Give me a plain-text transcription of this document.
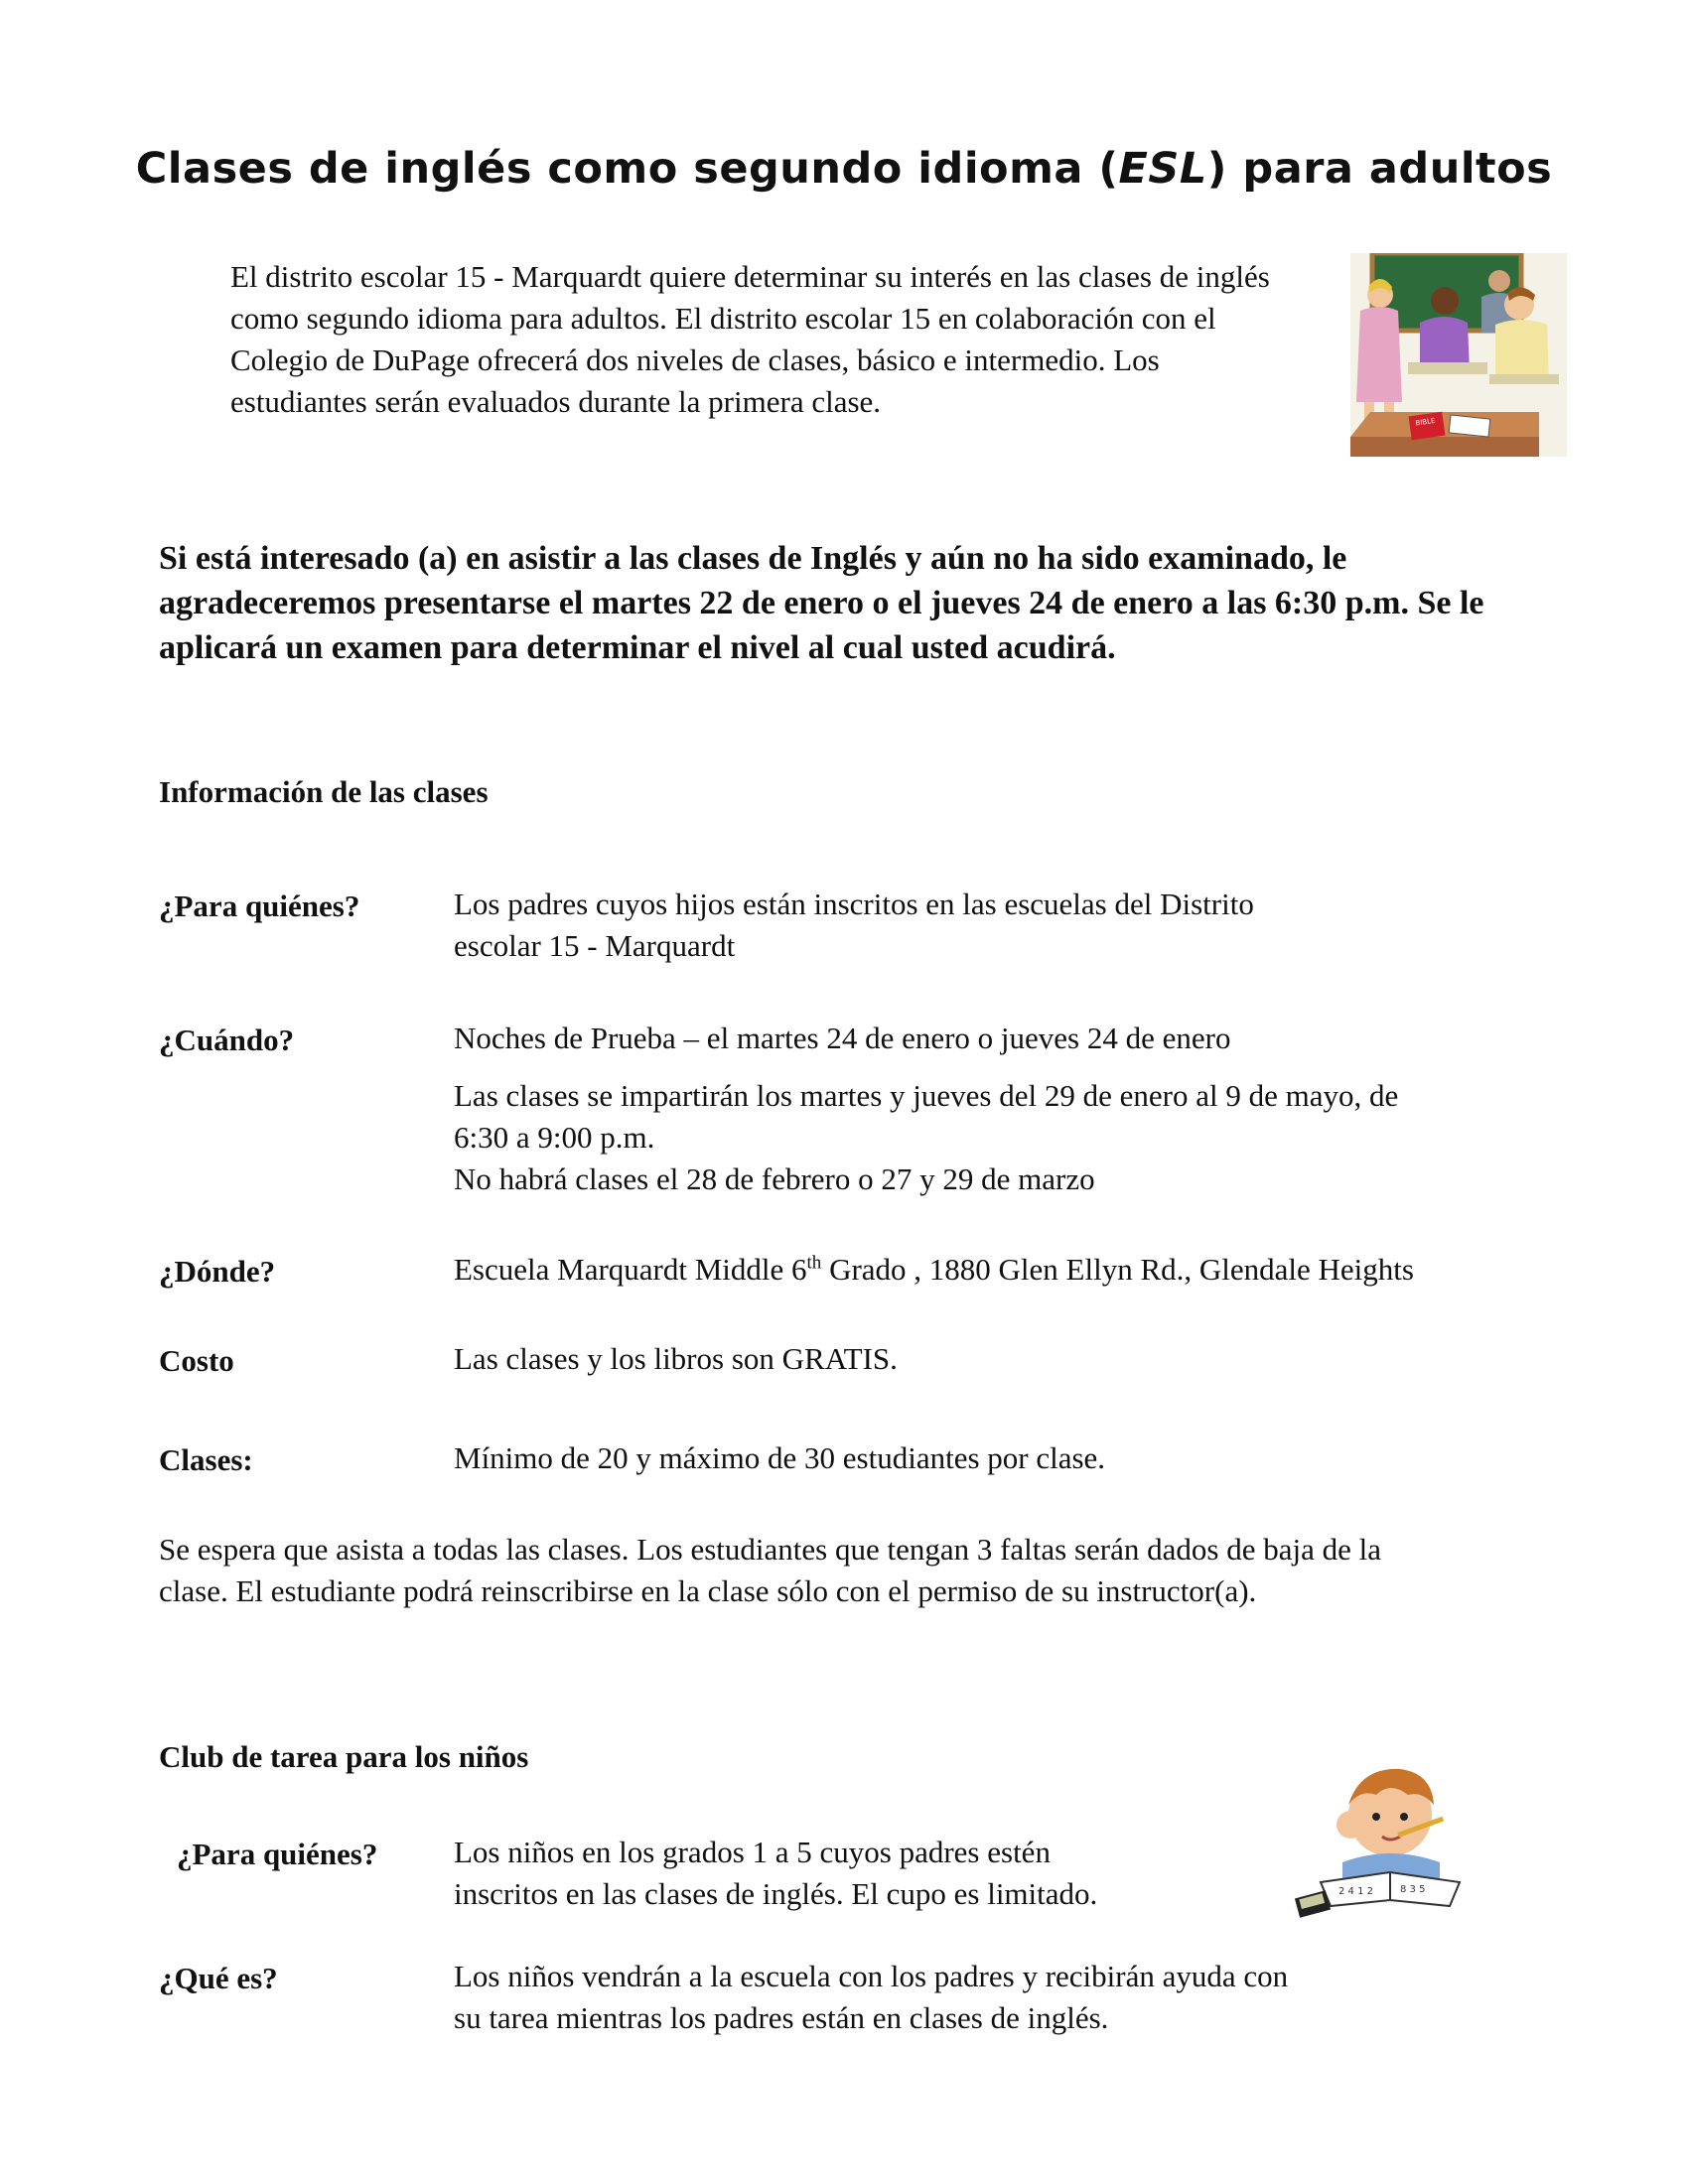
Clases de inglés como segundo idioma (ESL) para adultos
El distrito escolar 15 - Marquardt quiere determinar su interés en las clases de inglés como segundo idioma para adultos. El distrito escolar 15 en colaboración con el Colegio de DuPage ofrecerá dos niveles de clases, básico e intermedio. Los estudiantes serán evaluados durante la primera clase.
BIBLE
Si está interesado (a) en asistir a las clases de Inglés y aún no ha sido examinado, le agradeceremos presentarse el martes 22 de enero o el jueves 24 de enero a las 6:30 p.m. Se le aplicará un examen para determinar el nivel al cual usted acudirá.
Información de las clases
¿Para quiénes?	Los padres cuyos hijos están inscritos en las escuelas del Distrito
escolar 15 - Marquardt
¿Cuándo?	Noches de Prueba – el martes 24 de enero o jueves 24 de enero
Las clases se impartirán los martes y jueves del 29 de enero al 9 de mayo, de
6:30 a 9:00 p.m.
No habrá clases el 28 de febrero o 27 y 29 de marzo
¿Dónde?	Escuela Marquardt Middle 6th Grado , 1880 Glen Ellyn Rd., Glendale Heights
Costo	Las clases y los libros son GRATIS.
Clases:	Mínimo de 20 y máximo de 30 estudiantes por clase.
Se espera que asista a todas las clases. Los estudiantes que tengan 3 faltas serán dados de baja de la clase. El estudiante podrá reinscribirse en la clase sólo con el permiso de su instructor(a).
Club de tarea para los niños
¿Para quiénes? Los niños en los grados 1 a 5 cuyos padres estén
inscritos en las clases de inglés. El cupo es limitado.	2 4 1 2	8 3 5
¿Qué es?	Los niños vendrán a la escuela con los padres y recibirán ayuda con
su tarea mientras los padres están en clases de inglés.
